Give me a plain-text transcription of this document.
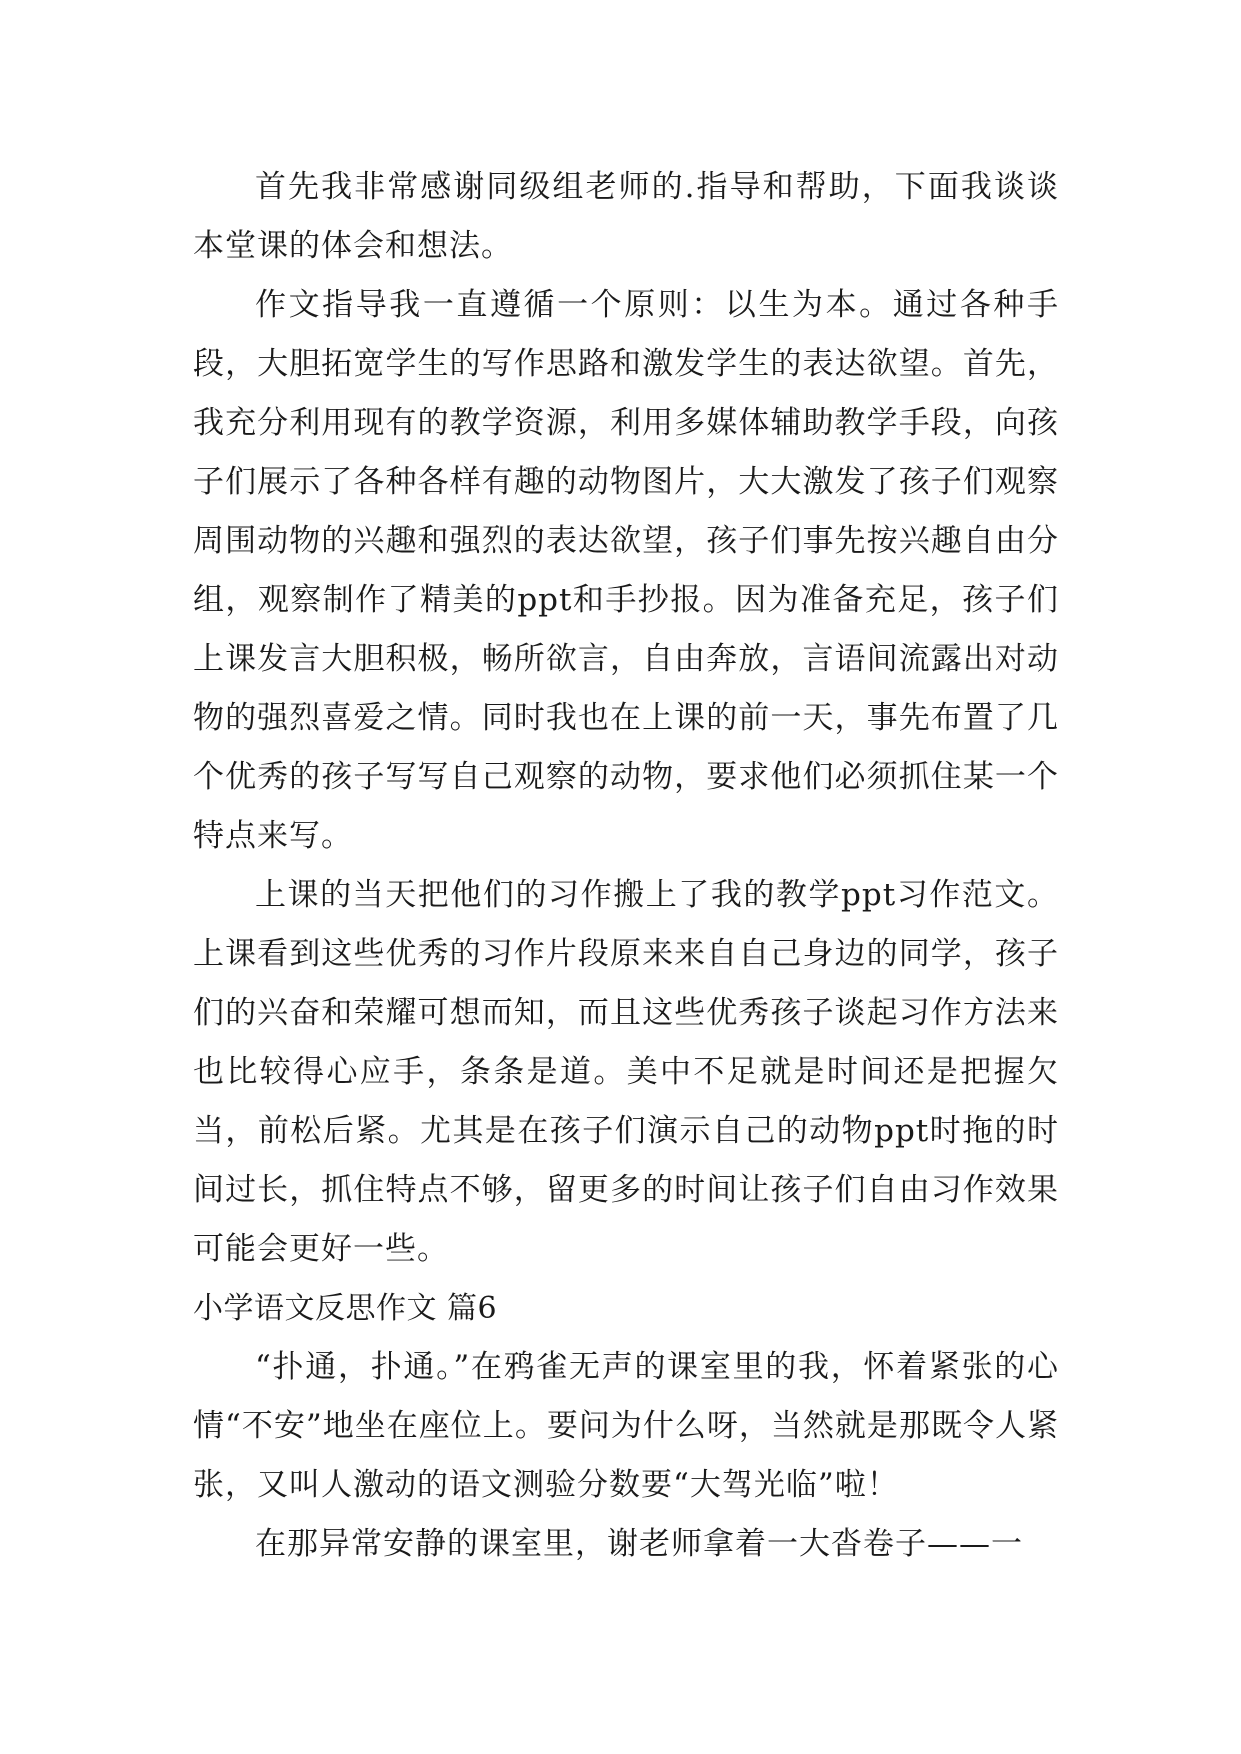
首先我非常感谢同级组老师的.指导和帮助，下面我谈谈本堂课的体会和想法。

作文指导我一直遵循一个原则：以生为本。通过各种手段，大胆拓宽学生的写作思路和激发学生的表达欲望。首先，我充分利用现有的教学资源，利用多媒体辅助教学手段，向孩子们展示了各种各样有趣的动物图片，大大激发了孩子们观察周围动物的兴趣和强烈的表达欲望，孩子们事先按兴趣自由分组，观察制作了精美的ppt和手抄报。因为准备充足，孩子们上课发言大胆积极，畅所欲言，自由奔放，言语间流露出对动物的强烈喜爱之情。同时我也在上课的前一天，事先布置了几个优秀的孩子写写自己观察的动物，要求他们必须抓住某一个特点来写。

上课的当天把他们的习作搬上了我的教学ppt习作范文。上课看到这些优秀的习作片段原来来自自己身边的同学，孩子们的兴奋和荣耀可想而知，而且这些优秀孩子谈起习作方法来也比较得心应手，条条是道。美中不足就是时间还是把握欠当，前松后紧。尤其是在孩子们演示自己的动物ppt时拖的时间过长，抓住特点不够，留更多的时间让孩子们自由习作效果可能会更好一些。

小学语文反思作文 篇6

“扑通，扑通。”在鸦雀无声的课室里的我，怀着紧张的心情“不安”地坐在座位上。要问为什么呀，当然就是那既令人紧张，又叫人激动的语文测验分数要“大驾光临”啦！

在那异常安静的课室里，谢老师拿着一大沓卷子——一
